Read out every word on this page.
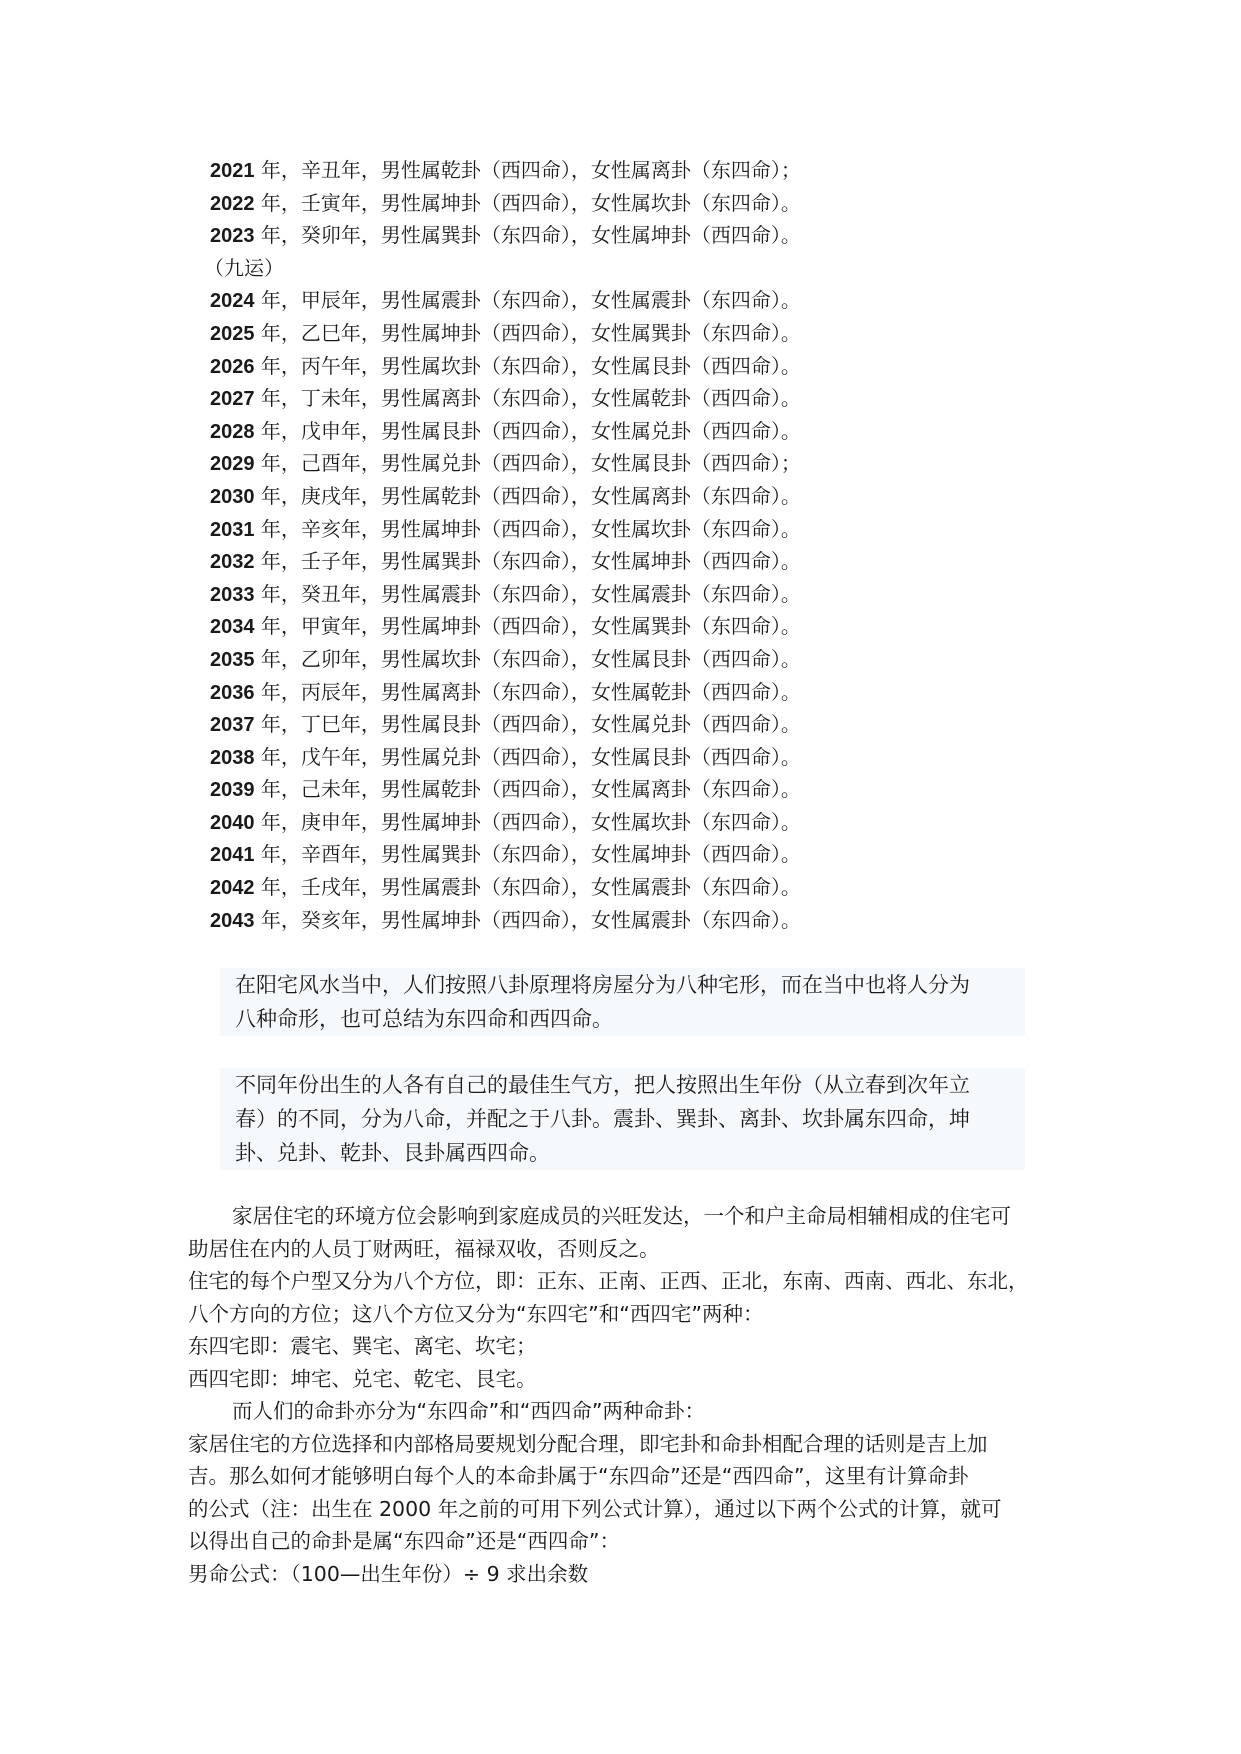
2021 年，辛丑年，男性属乾卦（西四命），女性属离卦（东四命）；
2022 年，壬寅年，男性属坤卦（西四命），女性属坎卦（东四命）。
2023 年，癸卯年，男性属巽卦（东四命），女性属坤卦（西四命）。
（九运）
2024 年，甲辰年，男性属震卦（东四命），女性属震卦（东四命）。
2025 年，乙巳年，男性属坤卦（西四命），女性属巽卦（东四命）。
2026 年，丙午年，男性属坎卦（东四命），女性属艮卦（西四命）。
2027 年，丁未年，男性属离卦（东四命），女性属乾卦（西四命）。
2028 年，戊申年，男性属艮卦（西四命），女性属兑卦（西四命）。
2029 年，己酉年，男性属兑卦（西四命），女性属艮卦（西四命）；
2030 年，庚戌年，男性属乾卦（西四命），女性属离卦（东四命）。
2031 年，辛亥年，男性属坤卦（西四命），女性属坎卦（东四命）。
2032 年，壬子年，男性属巽卦（东四命），女性属坤卦（西四命）。
2033 年，癸丑年，男性属震卦（东四命），女性属震卦（东四命）。
2034 年，甲寅年，男性属坤卦（西四命），女性属巽卦（东四命）。
2035 年，乙卯年，男性属坎卦（东四命），女性属艮卦（西四命）。
2036 年，丙辰年，男性属离卦（东四命），女性属乾卦（西四命）。
2037 年，丁巳年，男性属艮卦（西四命），女性属兑卦（西四命）。
2038 年，戊午年，男性属兑卦（西四命），女性属艮卦（西四命）。
2039 年，己未年，男性属乾卦（西四命），女性属离卦（东四命）。
2040 年，庚申年，男性属坤卦（西四命），女性属坎卦（东四命）。
2041 年，辛酉年，男性属巽卦（东四命），女性属坤卦（西四命）。
2042 年，壬戌年，男性属震卦（东四命），女性属震卦（东四命）。
2043 年，癸亥年，男性属坤卦（西四命），女性属震卦（东四命）。
在阳宅风水当中，人们按照八卦原理将房屋分为八种宅形，而在当中也将人分为
八种命形，也可总结为东四命和西四命。
不同年份出生的人各有自己的最佳生气方，把人按照出生年份（从立春到次年立
春）的不同，分为八命，并配之于八卦。震卦、巽卦、离卦、坎卦属东四命，坤
卦、兑卦、乾卦、艮卦属西四命。
家居住宅的环境方位会影响到家庭成员的兴旺发达，一个和户主命局相辅相成的住宅可
助居住在内的人员丁财两旺，福禄双收，否则反之。
住宅的每个户型又分为八个方位，即：正东、正南、正西、正北，东南、西南、西北、东北，
八个方向的方位；这八个方位又分为“东四宅”和“西四宅”两种：
东四宅即：震宅、巽宅、离宅、坎宅；
西四宅即：坤宅、兑宅、乾宅、艮宅。
而人们的命卦亦分为“东四命”和“西四命”两种命卦：
家居住宅的方位选择和内部格局要规划分配合理，即宅卦和命卦相配合理的话则是吉上加
吉。那么如何才能够明白每个人的本命卦属于“东四命”还是“西四命”，这里有计算命卦
的公式（注：出生在 2000 年之前的可用下列公式计算），通过以下两个公式的计算，就可
以得出自己的命卦是属“东四命”还是“西四命”：
男命公式：（100—出生年份）÷ 9 求出余数
